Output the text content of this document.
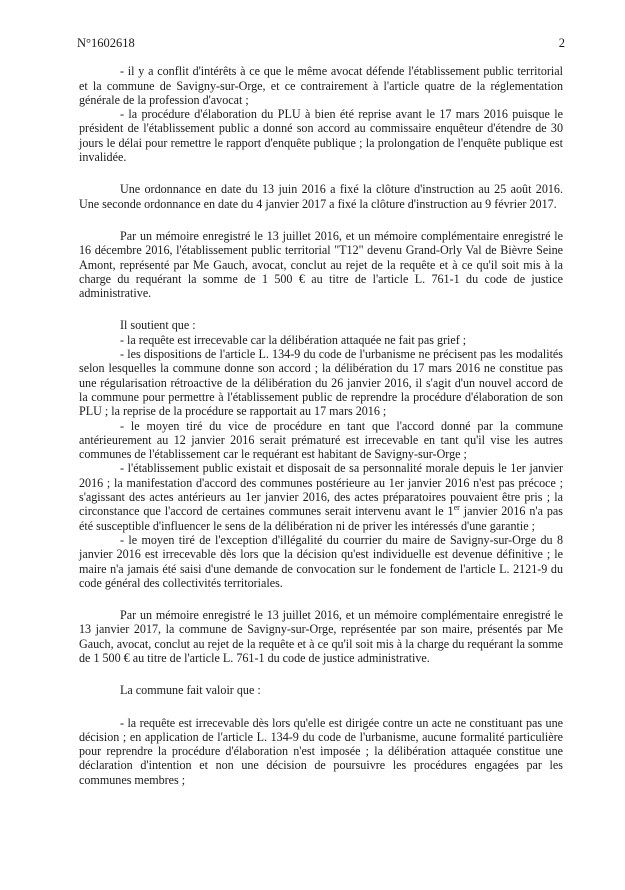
N°1602618	2

- il y a conflit d'intérêts à ce que le même avocat défende l'établissement public territorial et la commune de Savigny-sur-Orge, et ce contrairement à l'article quatre de la réglementation générale de la profession d'avocat ;

- la procédure d'élaboration du PLU à bien été reprise avant le 17 mars 2016 puisque le président de l'établissement public a donné son accord au commissaire enquêteur d'étendre de 30 jours le délai pour remettre le rapport d'enquête publique ; la prolongation de l'enquête publique est invalidée.

Une ordonnance en date du 13 juin 2016 a fixé la clôture d'instruction au 25 août 2016. Une seconde ordonnance en date du 4 janvier 2017 a fixé la clôture d'instruction au 9 février 2017.

Par un mémoire enregistré le 13 juillet 2016, et un mémoire complémentaire enregistré le 16 décembre 2016, l'établissement public territorial "T12" devenu Grand-Orly Val de Bièvre Seine Amont, représenté par Me Gauch, avocat, conclut au rejet de la requête et à ce qu'il soit mis à la charge du requérant la somme de 1 500 € au titre de l'article L. 761-1 du code de justice administrative.

Il soutient que :

- la requête est irrecevable car la délibération attaquée ne fait pas grief ;

- les dispositions de l'article L. 134-9 du code de l'urbanisme ne précisent pas les modalités selon lesquelles la commune donne son accord ; la délibération du 17 mars 2016 ne constitue pas une régularisation rétroactive de la délibération du 26 janvier 2016, il s'agit d'un nouvel accord de la commune pour permettre à l'établissement public de reprendre la procédure d'élaboration de son PLU ; la reprise de la procédure se rapportait au 17 mars 2016 ;

- le moyen tiré du vice de procédure en tant que l'accord donné par la commune antérieurement au 12 janvier 2016 serait prématuré est irrecevable en tant qu'il vise les autres communes de l'établissement car le requérant est habitant de Savigny-sur-Orge ;

- l'établissement public existait et disposait de sa personnalité morale depuis le 1er janvier 2016 ; la manifestation d'accord des communes postérieure au 1er janvier 2016 n'est pas précoce ; s'agissant des actes antérieurs au 1er janvier 2016, des actes préparatoires pouvaient être pris ; la circonstance que l'accord de certaines communes serait intervenu avant le 1er janvier 2016 n'a pas été susceptible d'influencer le sens de la délibération ni de priver les intéressés d'une garantie ;

- le moyen tiré de l'exception d'illégalité du courrier du maire de Savigny-sur-Orge du 8 janvier 2016 est irrecevable dès lors que la décision qu'est individuelle est devenue définitive ; le maire n'a jamais été saisi d'une demande de convocation sur le fondement de l'article L. 2121-9 du code général des collectivités territoriales.

Par un mémoire enregistré le 13 juillet 2016, et un mémoire complémentaire enregistré le 13 janvier 2017, la commune de Savigny-sur-Orge, représentée par son maire, présentés par Me Gauch, avocat, conclut au rejet de la requête et à ce qu'il soit mis à la charge du requérant la somme de 1 500 € au titre de l'article L. 761-1 du code de justice administrative.

La commune fait valoir que :

- la requête est irrecevable dès lors qu'elle est dirigée contre un acte ne constituant pas une décision ; en application de l'article L. 134-9 du code de l'urbanisme, aucune formalité particulière pour reprendre la procédure d'élaboration n'est imposée ; la délibération attaquée constitue une déclaration d'intention et non une décision de poursuivre les procédures engagées par les communes membres ;
